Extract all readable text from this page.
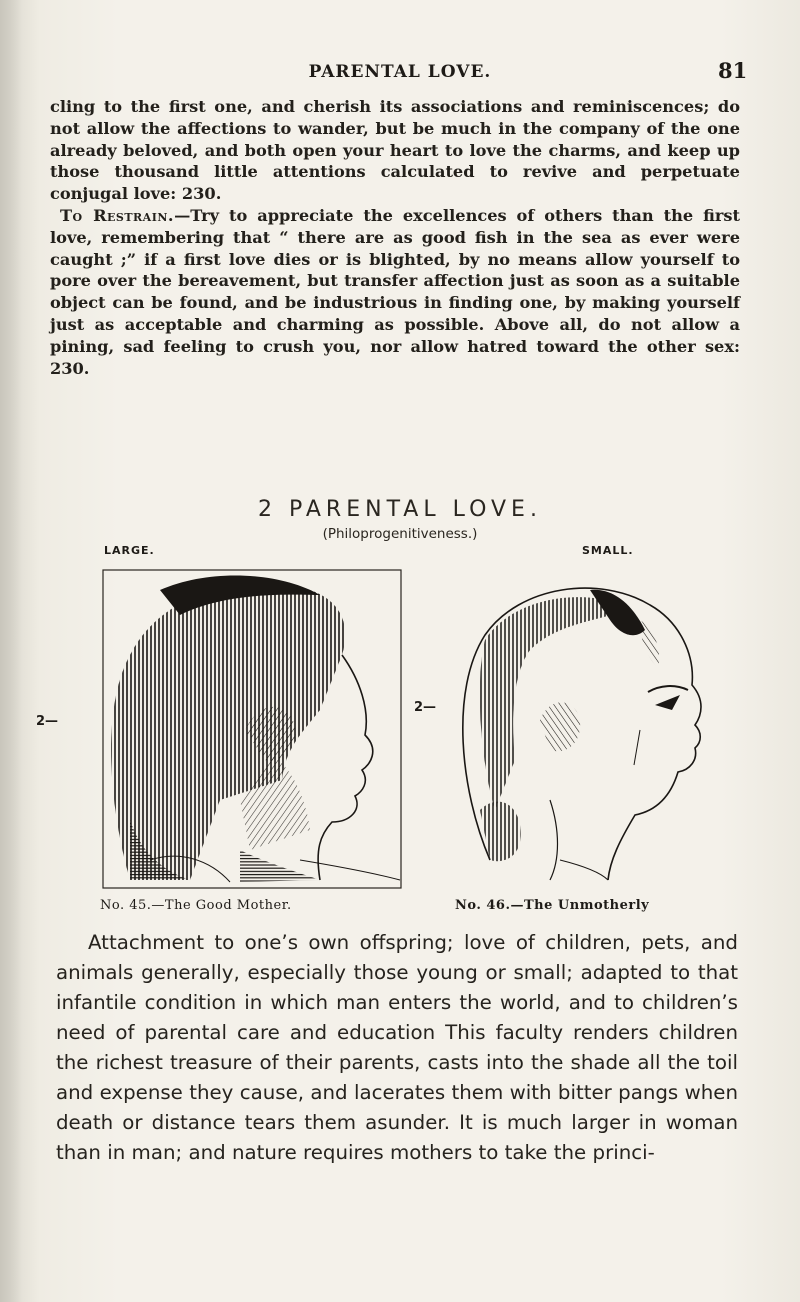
PARENTAL LOVE.	81

cling to the first one, and cherish its associations and reminiscences; do not allow the affections to wander, but be much in the company of the one already beloved, and both open your heart to love the charms, and keep up those thousand little attentions calculated to revive and perpetuate conjugal love: 230.

To Restrain.—Try to appreciate the excellences of others than the first love, remembering that “ there are as good fish in the sea as ever were caught ;” if a first love dies or is blighted, by no means allow yourself to pore over the bereavement, but transfer affection just as soon as a suitable object can be found, and be industrious in finding one, by making yourself just as acceptable and charming as possible. Above all, do not allow a pining, sad feeling to crush you, nor allow hatred toward the other sex: 230.

2 PARENTAL LOVE.
(Philoprogenitiveness.)
LARGE.	SMALL.
2—
2—
No. 45.—The Good Mother.	No. 46.—The Unmotherly

Attachment to one’s own offspring; love of children, pets, and animals generally, especially those young or small; adapted to that infantile condition in which man enters the world, and to children’s need of parental care and education This faculty renders children the richest treasure of their parents, casts into the shade all the toil and expense they cause, and lacerates them with bitter pangs when death or distance tears them asunder. It is much larger in woman than in man; and nature requires mothers to take the princi-
